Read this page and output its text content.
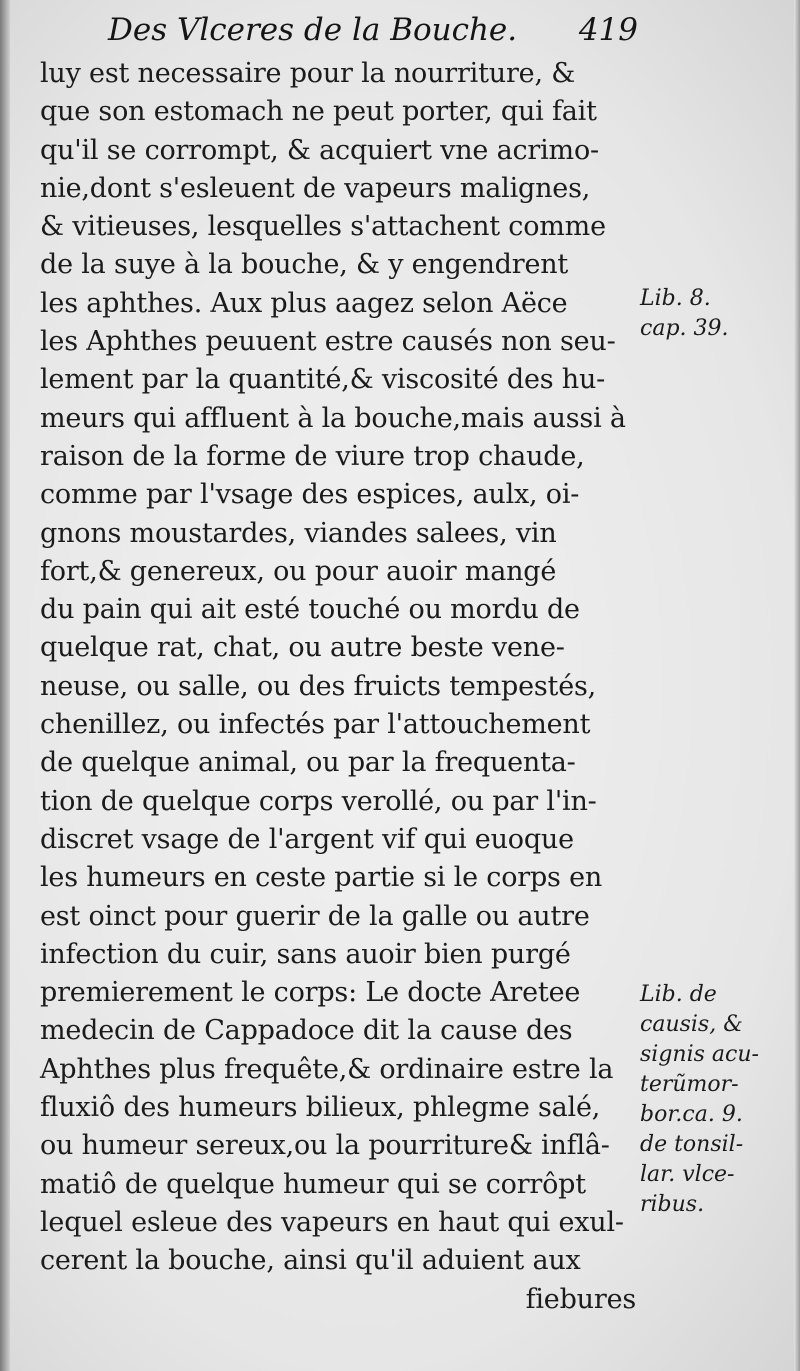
Des Vlceres de la Bouche. 419
luy est necessaire pour la nourriture, &
que son estomach ne peut porter, qui fait
qu'il se corrompt, & acquiert vne acrimo-
nie,dont s'esleuent de vapeurs malignes,
& vitieuses, lesquelles s'attachent comme
de la suye à la bouche, & y engendrent
les aphthes. Aux plus aagez selon Aëce
les Aphthes peuuent estre causés non seu-
lement par la quantité,& viscosité des hu-
meurs qui affluent à la bouche,mais aussi à
raison de la forme de viure trop chaude,
comme par l'vsage des espices, aulx, oi-
gnons moustardes, viandes salees, vin
fort,& genereux, ou pour auoir mangé
du pain qui ait esté touché ou mordu de
quelque rat, chat, ou autre beste vene-
neuse, ou salle, ou des fruicts tempestés,
chenillez, ou infectés par l'attouchement
de quelque animal, ou par la frequenta-
tion de quelque corps verollé, ou par l'in-
discret vsage de l'argent vif qui euoque
les humeurs en ceste partie si le corps en
est oinct pour guerir de la galle ou autre
infection du cuir, sans auoir bien purgé
premierement le corps: Le docte Aretee
medecin de Cappadoce dit la cause des
Aphthes plus frequête,& ordinaire estre la
fluxiô des humeurs bilieux, phlegme salé,
ou humeur sereux,ou la pourriture& inflâ-
matiô de quelque humeur qui se corrôpt
lequel esleue des vapeurs en haut qui exul-
cerent la bouche, ainsi qu'il aduient aux
fiebures
Lib. 8.
cap. 39.
Lib. de
causis, &
signis acu-
terũmor-
bor.ca. 9.
de tonsil-
lar. vlce-
ribus.
